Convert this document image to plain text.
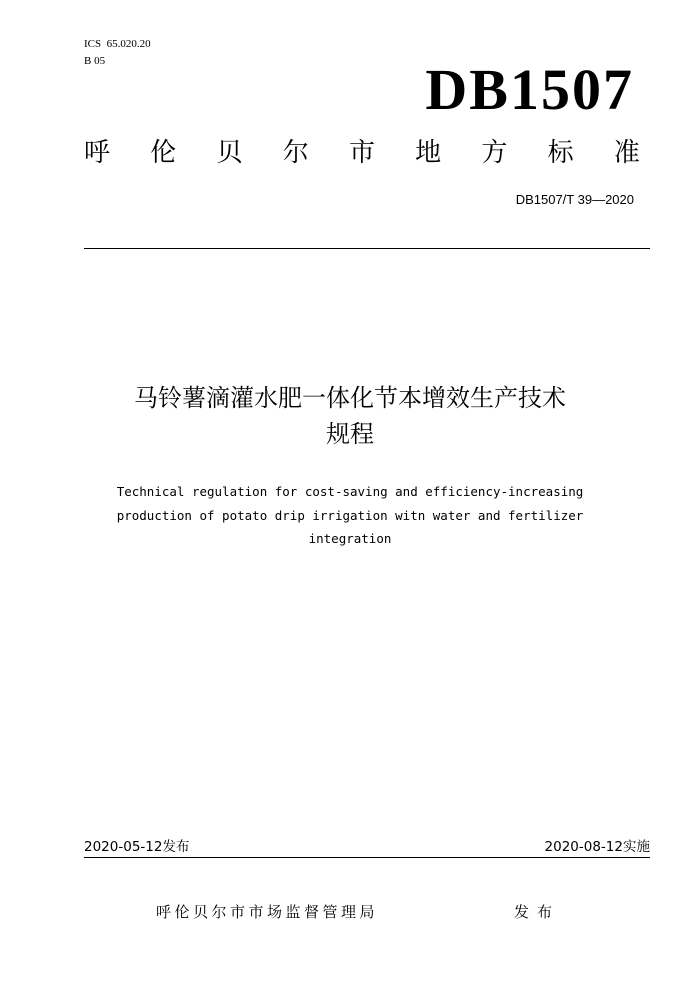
ICS  65.020.20
B 05	DB1507
呼 伦 贝 尔 市 地 方 标 准
DB1507/T 39—2020
马铃薯滴灌水肥一体化节本增效生产技术
规程
Technical regulation for cost-saving and efficiency-increasing
production of potato drip irrigation witn water and fertilizer
integration
2020-05-12发布	2020-08-12实施
呼伦贝尔市市场监督管理局	发布
